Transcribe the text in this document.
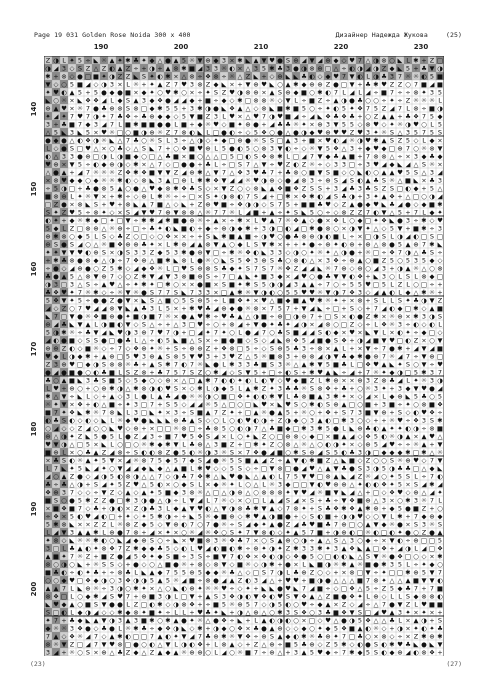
Page 19 031 Golden Rose Noida 300 x 400	Дизайнер Надежда Жукова	(25)
190	200	210	220	230
140
150
160
170
180
190
200
Z ◑ L ✦ 5 ÷ ◣ ☼ ▲ ✦ ✱ ♣ ✦ ◆ △ ● ▲ 5 ☼ ▼ ⊕ ◆ 3 × ✱ ◣ ▲ ▼ ♥ ● S ⊕ ◢ ▼ ◢ ⊕ ◆ ◇ ♥ 7 △ ◑ ⊗ ○ ◣ L ✱ + Z □
◑ ◢ 3 ◇ S Z △ Z ◐ ▲ Z ÷ + ◑ + ▲ ⊗ ✱ ■ ◢ 3 3 ☼ ◐ × △ 3 5 ✱ ♣ 3 ● ◑ ⊗ ⊕ □ △ ÷ ◐ ◑ ◢ ◑ Z ◆ ◣ 5 + ♣ ▼ ◑
✱ + ⊗ ◇ ● □ ■ ✦ ◑ Z Z ◣ S ✦ ◐ ✱ × △ ⊗ ÷ ❖ ⊗ ÷ ☼ △ Z ◣ + ◇ ⊕ ◣ ◣ ♣ ◐ ◇ ◆ ♥ 7 ▼ ◐ L ◑ ♣ 3 7 ☼ ☼ ◐ 5 ■
▼ ◇ ○ 5 ■ ◢ ◇ ◑ 3 × L ☼ + ✦ ▲ Z 7 ♥ 3 ⊗ Z ◆ ◣ × + ▼ ⊕ ♥ ◣ ○ ▲ ✱ ◆ ⊕ ⊕ Z ● □ ▼ + ♣ ✱ ♥ Z Z ○ 7 ■ ◢ ■
✦ ♥ ◐ ▲ 5 + 5 ● ◆ ● ■ × ◆ ✦ ○ ♥ ✱ ○ × ÷ ✦ S Z ♥ ◑ ⊗ ⊕ × ▲ S ⊕ ◆ ■ ○ ✱ ◐ 7 L ◢ L ◢ ÷ ■ 7 ÷ ÷ ⊗ ✦ 3 5
◣ ○ ☼ × ◣ ❖ ❖ ◢ L ◆ S ▲ 3 ◆ ❖ ● ◢ ◢ ◆ + ■ ÷ ◆ ◇ ✱ □ ⊗ ⊗ ☼ ◇ ▼ L ÷ ■ Z ÷ ▲ ◑ ● ♣ ○ ○ ÷ ✦ ÷ Z ☼ ☼ ☼ L
⊕ ▲ ♥ × ☼ 7 ● ♣ ⊕ ⊗ S ⊗ □ ◆ ✱ 5 5 + 3 ✱ ◑ ● ◣ ❖ ▲ △ ◇ ⊗ ◣ ■ ✱ ■ 5 ○ ÷ ✦ ◐ 5 ✦ ❖ 7 5 Z ◢ 7 L ⊗ ÷ ■ ◑
✦ ◢ ✦ 7 ♥ 7 ◑ ✦ 7 ♣ ❖ ÷ ♣ ⊕ ◆ ◆ ◇ 5 ▼ ■ Z 3 L ♥ × △ ♥ 7 ◑ ♥ ■ ◢ ÷ ◢ ◣ ❖ ♣ ❖ ♣ + ○ Z ▲ ▲ + ♣ ❖ 7 5 ◆
3 + ♣ ■ 7 ◆ 3 ◢ 7 L ■ ✱ ■ ■ ● ● L ■ + ◆ ☼ ♥ ◇ ■ ✦ ⊕ ● + ◢ ♣ ♣ ☼ ✦ × ⊕ 3 ▼ 5 5 ◇ ⊗ ♥ ◇ ✦ ☼ ◑ ♥ ○ L 5
△ 5 ◣ 3 ◣ 5 × ♥ ☼ □ ○ ■ ◑ ⊕ ☼ Z 7 ⊗ ◐ ◣ L □ ● ◐ ÷ ◇ 5 ❖ ○ ● △ ● ◑ ◆ ♥ ⊕ ♥ ♥ Z ♥ 3 ✦ ☼ S △ 3 5 7 5 S
● ◆ ● △ ◐ ❖ ◑ ☼ ◣ △ 7 ♣ ○ ☼ S L 3 ÷ △ ◑ ◇ ✦ ◆ □ ⊕ ● ☼ S S □ ▲ 3 + ■ × ♥ ◐ ◢ ☼ ◑ ♥ ✱ ▲ S Z 5 ◇ L ◆ ×
L ◇ ● S □ ♥ △ × ○ ♣ ◇ △ S ◣ 7 + ○ ❖ ■ ♥ ⊕ L 5 ● ◐ 5 ○ ⊗ 3 ▼ ◐ ÷ ◇ ☼ ▼ 5 ❖ △ 3 + ◆ ♥ ◆ □ ⊕ 7 ○ ☼ ⊗ ▼
◐ △ 3 3 ● ⊕ □ ◑ L ◑ ■ ◆ ○ □ △ ♣ ■ × ■ ○ △ △ □ 5 □ ◐ S ❖ ⊗ ✱ L □ ◢ 7 ▼ ◆ ♣ ▲ ■ + 7 ⊗ ⊗ △ ÷ × 3 ◆ ♣ ◆
♥ ⊕ × ▼ 5 ÷ ◐ ◆ ⊕ ◑ ◇ ✱ × △ 7 ◇ □ ● ● + ♣ L ÷ □ S 7 △ ▼ ÷ ♥ Z ◐ Z ☼ ÷ ◇ 3 3 □ ÷ 3 ♥ ◢ ◆ ◣ ◢ △ S ☼ ×
△ ● ▲ + ◢ 7 ☼ ☼ ☼ Z ❖ ✱ ❖ ■ ▼ ▼ Z ◢ ⊕ ✱ △ ▼ 7 △ ❖ 3 ♥ ♣ 7 + ♣ ⊗ ○ ■ ▼ S ■ ◇ ○ ◣ ◐ ○ ▲ ▲ ♥ 5 S △ 3 ◢
× ⊗ ♥ ◆ ◆ ○ ◆ ☼ ☼ ✱ ◐ ◇ ⊗ ◣ 3 ▲ □ ⊕ L ✱ ✱ ❖ ▼ ◢ ◢ ☼ ♥ ◑ ⊕ ◇ ● ◢ ⊗ 3 ÷ ⊕ S ◢ S ◐ ▲ ♣ S ☼ △ ■ ◣ × ♣ 3
÷ 5 ◑ □ + ♣ ● ⊗ 5 ▲ ○ ● △ ♥ ◆ ⊗ ✱ ❖ ♣ S ◇ × ▼ Z ○ ◇ ⊗ ◣ ▲ ❖ ■ ❖ Z S S + 3 ◢ ♣ 3 ♣ S Z S □ ◐ ◆ + 5 △
■ ⊗ ⊕ L ✦ ☼ ▼ × + ✱ ÷ ◇ ⊕ L ✱ ☼ ÷ ÷ □ × S ✦ ◑ ⊗ ◐ 7 S ◢ + □ ✱ × ❖ ✱ ◐ ◢ S ♣ ◑ + 3 ✦ ▲ ❖ + △ □ ○ ◑ ◢
□ Z ● × ⊗ ◣ S + ♥ + ⊗ ◣ ▲ 7 ■ △ ◇ ◣ + Z ⊕ ♥ ■ ÷ ❖ ◑ ◑ ◇ S 7 5 + ■ ■ ♣ ♥ ◇ Z ▲ ● ◆ ♥ ◣ ♣ ◢ ● ◇ ◆ ■ ✱
S ✦ Z ♥ 5 ÷ ⊗ ✦ ◇ × S ◢ ▼ ♥ 7 ⊕ ▼ ⊗ ⊗ △ ☼ 7 7 ☼ L ◢ ■ + ▲ ÷ ✦ S ◣ 5 ○ ÷ ◇ ⊗ Z Z 7 ◐ ▼ △ 5 + 7 L ◆ ✦
◐ ✦ + ◆ ☼ ✱ ◆ □ ✦ □ ▼ ÷ ✱ ✱ ◢ ✱ ■ ● ⊕ ☼ ÷ ▲ × ÷ ✱ × L ♥ ▲ 7 ☼ ❖ ▲ ◇ ● × ❖ L ○ ◆ □ ✦ ❖ ◣ ● 3 ÷ ✱ ◇ ♥
5 ◆ L Z □ ⊗ ⊕ △ ☼ ⊕ ÷ □ ÷ ♣ ✦ ◐ ◣ ■ ◐ + ◆ ÷ ⊕ ◑ ◆ ✱ + 3 ◑ □ ◐ ◢ □ ✱ ● ⊗ ○ × ◑ ▼ ✦ △ ◇ 5 ▼ + ■ ✱ ÷ 3
⊕ ✱ ⊗ ○ ◆ 5 L S ◇ ♣ Z ○ □ ◇ ○ ❖ × × ÷ + S ◣ ✱ ■ ▲ ■ ÷ ◑ ♥ ○ ● ♣ ⊗ ⊕ ◑ ◐ ■ L ÷ × □ ◑ S L ◑ ◢ ◐ □ S □
⊕ S ● S ◢ ○ △ ☼ ■ ❖ ⊕ ⊕ ♣ ✦ × L ✱ ⊕ ◢ ▲ ⊗ ▼ ▲ ○ ◆ L S ▼ ✱ × + + ✦ ● ÷ ⊕ ✦ ◐ ⊕ + ⊕ △ ⊗ ● 5 ▲ ⊕ 7 ✱ ◣
✦ ✦ ▼ ▼ ♥ ◐ ⊕ S × ◑ S 3 3 Z ◆ 5 3 ✱ ● ⊕ ▼ □ ÷ ✱ ☼ ❖ ◐ ◣ 3 3 ◇ ◑ ○ ✦ ☼ ✦ △ ◑ ● + ☼ □ ÷ ❖ 7 ◑ △ ♣ S ÷
+ ✱ ♣ ⊗ ● ⊗ ◆ △ ◑ ÷ 7 ❖ ⊕ △ ■ ✱ ◣ ⊗ L ● ☼ ○ ◣ S 5 ❖ 3 ⊕ S ♣ ○ ⊗ ◐ △ × 3 ❖ ÷ ⊕ ▲ ○ ■ Z 5 ○ 5 3 5 ◆ ◇
÷ ● ◇ ◢ ⊕ ● ○ Z 5 ✱ ◇ ◢ ◆ ❖ ☼ L □ ♥ S ⊕ ⊗ S ♣ ◆ ✦ S 7 S 7 ☼ ❖ Z ◢ ◢ ◣ ☼ 7 ⊕ ◇ ⊕ ○ ◢ 3 + ◑ ▲ ☼ △ ○ ⊗
♣ ● ▲ 5 △ ⊗ ▼ ⊕ 7 ◇ ○ Z ✱ ▼ ◢ ▼ 3 ⊗ ■ ⊕ S ÷ 7 □ ▲ ◣ ✦ ■ 3 ◆ × ◢ ♥ ○ ● ♣ ▼ ▼ ◐ ❖ + ◣ 3 ○ L S L ⊗ ◆ □
◑ 3 □ 3 △ S ÷ ▲ ♥ △ ÷ ✦ ✱ ✦ □ ✱ ○ × × ● ■ × S ■ ✦ ✱ S 5 ◑ ◑ ◢ 3 ▲ ▲ ÷ 7 ○ ÷ 5 5 ♥ □ 5 L Z L ○ □ ÷ +
♣ ❖ ♥ ✦ 7 ☼ ✱ ◇ ÷ ☼ ▼ ☼ ● S 7 7 S ◣ 7 3 3 × □ ▲ ✱ ☼ ▼ ◑ ◐ ○ 5 5 ♥ ♥ ☼ ▼ ◑ 7 ❖ 3 ◇ ◢ ▲ ◐ L ◆ △ ✱ ☼ +
5 ❖ ▼ ✦ 5 ÷ ● ● Z ● ▼ × ◣ S △ ■ ○ 5 S ⊕ 5 ÷ L ■ ❖ ✦ × ♥ △ ■ ◆ ■ ▲ ♥ ✱ ☼ ✦ + × ⊗ + S L L S ✦ ♣ ◑ ▼ Z
◢ ◇ Z ○ 7 ♥ ◢ ◢ ⊗ ▼ ◣ ▲ ♣ 3 L 5 × + ✱ ♥ ♣ ◢ ⊕ ◆ ● ☼ ⊗ × 7 5 7 + ▼ ◢ ◣ ÷ □ + S ◇ + 7 ◢ ◐ ◆ □ ✱ ◇ ▲ ■
◣ 7 □ ▼ ● ☼ ❖ ■ ⊕ ● ✦ ■ ◑ ■ 7 ☼ × ● ▲ ♥ ✱ ÷ ♥ ♣ ▲ △ ◑ ■ ÷ ⊕ □ ◑ ⊕ 7 + □ S × ◐ ● Z ✱ × ☼ ⊕ × ✱ 3 ◑ S
⊕ ◢ ♣ ◣ ▼ ▲ L ◑ ■ ◐ ▼ ◇ S △ ÷ + △ 3 □ ♥ ÷ ○ + ⊗ ◢ + ▼ ● ✦ ♣ ✦ ◢ ◑ × ◢ ⊗ ○ □ Z ◇ ÷ L ❖ ☼ 3 ÷ ◐ ◇ ◐ L
5 ◑ ✱ ☼ ÷ ♣ ▼ ◢ ◣ ♥ ◑ 3 ⊕ 7 ♥ 7 ◑ + □ ◢ ✦ 7 ✦ ○ L ● ◢ 7 ○ ♣ S ■ ◢ ◢ S ◐ ◆ × ♥ × ◣ ▼ L × ◐ ✦ ÷ ◆ □ ◇
◢ ◐ ● ■ ◇ S S ● □ ● ♣ L △ ÷ ◐ 5 ◣ ■ △ S × ÷ ■ ● ■ ◇ S ◇ ◢ ◣ ⊕ ❖ 5 ◢ ■ ● S ❖ + ◑ ◢ ■ ▼ ♥ □ ◐ Z × ○ ▼
⊕ ⊕ Z ◐ ◇ ■ ☼ ◇ ÷ 7 ◇ ❖ ⊕ ✦ ☼ + S ÷ ⊕ ⊕ Z + ❖ ⊗ □ 5 ÷ ◇ S ⊕ 5 ♣ 3 ÷ ⊗ × ▲ L + × ▼ ÷ 7 ● ✱ + ◢ ▼ ◢ ■
♥ ◆ L ◑ ◆ ✱ + ▲ ⊕ □ 5 ♥ 3 ⊕ ▲ S ⊗ 5 ▼ ♥ 3 + 3 ♥ Z △ 5 ☼ ■ ⊗ 3 + ⊕ ⊗ ◢ ◑ ▼ ♣ ◆ ✱ ● ⊕ 7 ☼ ◢ 7 ÷ ▼ ⊕ □
Z 3 ⊕ ♥ □ ◆ ◑ S ⊗ ⊗ ☼ ♣ + ▲ S ✱ 7 ◐ 7 ☼ ◣ ● L ✱ 3 3 ♣ ■ S 3 ☼ △ ▲ ✱ ▼ 5 ■ ♣ L □ ❖ ♥ ▲ ◣ ✦ S ○ ▼ ÷ ♥
● ◢ ● ■ ● ○ ◐ ♣ ■ L S Z ⊗ + ♣ 7 5 7 S Z ○ ✱ ◢ ◇ S ▼ 5 + □ ÷ ◐ S + ✱ ♥ ▲ ◣ ÷ ◢ + 7 ☼ ✦ ◆ ◑ □ 5 ✱ 3 7
♣ ○ ▲ ■ ◣ 3 ♣ S ■ 5 ◇ 5 ◆ ○ ◇ ⊕ × △ □ ▲ ✱ 7 ◐ ◐ ✦ ◐ L ◐ ▼ ◇ ♥ ◆ ■ Z L ✱ ⊕ × × ⊕ 3 Z ⊗ ♣ ◢ L ✦ ☼ 3 ◑
L ♥ + ⊕ ○ + ○ ⊕ ✱ ◑ △ ✱ ⊗ ◑ ◐ ♥ S × ◇ ✱ L ◑ ◆ 5 L ▲ ✱ Z ✦ 3 ♣ ♣ ☼ S ⊗ ❖ + ♣ + ○ ☼ 3 ✦ + 3 ◆ ▼ ♥ ● ◢
✱ △ ▼ ÷ ◣ L ◇ + ▲ ◇ 3 L ● L ▲ ♣ ◢ ● ☼ ☼ ◑ ○ ■ □ ❖ ✦ ◐ ◐ ✱ ▼ L ♣ ⊗ ■ ▲ 3 ✱ ✦ × ◇ ◢ × L ◆ ⊕ ◣ 5 ♣ ○ 5
☼ ✦ ▼ × ❖ + ◐ △ ■ ÷ ✦ 3 □ 7 + S 5 ◇ ◢ ◢ ☼ 5 △ □ ○ □ ◣ ♥ × ◣ ♥ S ○ ✱ ◐ S ⊕ ▲ □ ○ ■ + 3 ■ ÷ ✦ ○ ⊗ ■ ❖
■ 7 ✦ ❖ ◣ ✱ ☼ 7 ⊗ ◣ L 3 □ ◣ ✦ × 3 ÷ S ■ ▲ 7 Z ✦ + □ ▲ ☼ ● ▲ 5 + ☼ ○ + ❖ + S 7 3 ■ ▼ ⊕ + S ◇ ◐ ♥ ❖ ÷
◐ ♣ S ◐ ◇ ◐ ◇ ◣ L ☼ ◆ ♥ ● ◣ ◣ ◣ ⊕ ♣ ▲ S ◇ ○ L ○ ◐ ♥ ◐ ◑ + Z ◑ ◆ ○ 3 ▲ ◐ □ ✱ 3 ○ ◇ + + ☼ ♥ ÷ ❖ 3 S ✱
○ ◢ ◇ ◇ Z ◢ ○ ○ ◣ ♥ ◇ ⊕ + × □ □ ☼ ⊗ □ ÷ ♣ ⊗ 5 ○ ◐ ◑ 7 △ ♣ ■ ◆ □ ✱ 3 ✱ 5 ● L ◣ ⊕ ♣ ◐ ▲ ✦ ✦ ◐ ◑ ÷ ⊗ ■
⊕ △ ◑ ✦ Z ◣ 5 ● 5 L ● Z ◢ 3 ÷ ■ 7 ♥ 5 ❖ S ◢ × L ○ ✦ ◣ Z ○ □ ⊕ ⊗ ◇ ◆ □ × ■ ▲ ◢ ◇ ❖ 5 ◐ ☼ ◑ ▲ × ▲ ♥ △
♥ ▼ ◑ △ □ 5 × ◣ L ○ □ ○ ☼ ✱ ◆ ✱ ▼ L ♣ ⊕ △ 3 ■ Z + □ ✱ ✦ Z ○ ⊗ △ ☼ △ ○ ◐ ◑ ✦ × ◇ ⊕ 5 ◢ ♥ ÷ ÷ ☼ ▲ + ▼
■ ⊕ L × ○ ♣ ▲ Z ◢ ⊗ ÷ S ◐ ◐ ⊗ Z ● 5 ◐ ☼ ◑ 3 ☼ S × 7 ❖ ● ◢ ■ ○ ✱ S ⊕ ◢ S 5 ◐ ♣ 3 ◑ □ ◆ ◆ ◆ ✱ □ ✱ △ ☼
× ♣ S ◐ ☼ ▲ ✦ 5 ▼ × ◢ ☼ ⊗ 7 5 ◆ 5 7 ◆ S ◢ ● ☼ 5 S ■ ▲ ◢ Z ÷ ▲ ▼ ◐ ✱ ■ Z △ ◣ ■ ◇ Z ○ ○ S ☼ ⊕ ♥ ◇ 7 ▼
L 7 ◣ ✦ 5 ◣ ◢ ✦ ○ ▼ ◢ ◢ ◆ ◣ ◆ △ ▲ ■ L ✱ ♥ ◇ ◇ 5 S ◇ ÷ □ ▼ ⊗ □ ● ◢ ♥ △ ▲ ▼ ♣ ● S 3 ◑ 5 ◑ ♣ ♣ □ △ ◆ ◣
◢ ○ ▲ Z ● ◇ ◢ ◑ 5 ◐ ⊗ ◑ △ △ 7 ◇ ◑ ♣ 7 ❖ ✱ △ ◣ ♥ ● ◣ △ ▲ ◐ L 7 5 ▼ ♥ □ ⊗ ▲ ◣ ◢ Z ☼ ◢ ○ ✦ 5 S L ÷ 7 ◐
♣ ÷ ♣ △ ◑ + S ◢ ✦ 5 Z ♥ △ 5 ◐ × ○ ◆ S L × ◆ ☼ ✦ L ○ △ L ☼ 3 ◆ □ □ ▼ ◐ ♥ ⊕ ⊕ △ ✦ ◐ ◐ ❖ ✦ 5 × S ◢ ✱ ◢
❖ ⊕ 3 7 ◇ ◇ ÷ ▼ Z ◇ ▲ ◇ ▲ ✦ 5 ■ ◆ 3 ⊗ ☼ △ □ △ ◑ ⊕ △ ○ ⊗ ⊗ ⊗ ✦ ▼ ♥ ◢ ☼ ■ ▼ ◣ ◢ △ + □ ◇ ❖ ♥ ◇ ⊕ △ ◢ ✦
■ S ○ ● 5 ✱ Z Z ● □ ✱ 3 ◑ ● △ ◑ ÷ L ▼ ◢ L 7 ☼ ◇ × ○ □ L ▲ ◢ S ◢ × S + ♣ ÷ ▼ ❖ ■ ⊕ △ 3 × ○ ✱ 3 ☼ 7 L
× ■ ❖ ■ 7 ◇ ♣ + ◑ ◐ × Z ◑ ♣ 3 L ◆ ▲ ▼ ♥ ◐ △ ▼ ◑ ⊗ ♣ ✱ ▼ ▲ ◇ 7 ⊗ ✦ + S ♣ ❖ ✱ ❖ ▲ ✱ ⊕ + ◆ 5 ● ■ Z + ○
÷ ❖ × 5 ◐ ♥ ◢ ◐ □ + ✦ ◇ ✦ 5 ✱ ◑ ÷ + ◣ 5 ☼ ◆ ■ ⊕ ◇ ✱ ♥ ▲ ◑ ■ ● + ◇ S ◐ ■ + ◑ ◑ ♥ ◇ ○ ▼ L ✱ + 7 ◆ ⊕ ◆
5 ✱ ⊗ ◣ × × Z Z L ☼ ⊗ Z ◆ 5 ◇ ▼ ⊕ ◐ 7 ○ 7 ● ☼ ÷ S ◢ ◆ ✦ ▲ ● Z ◢ ♣ ♥ ■ ♣ 7 ⊕ □ ○ ▲ ▼ ◆ ☼ ● × S 3 ☼ S
L ◢ ▼ 3 ▲ ▲ ✱ L ⊕ ● 7 ⊗ + ◢ × ✦ × ○ ☼ ◢ ☼ ❖ ○ S ✦ 7 ▼ ⊗ ◐ ◇ ✦ ▲ 5 7 ■ + ◑ ⊕ ◐ □ ☼ ◐ □ ◐ ✦ ● ○ Z ● ▲
✦ ⊗ ◇ ◣ ☼ ☼ ✱ ◐ ○ ◣ ◢ ◆ ⊕ S ○ ÷ ◣ × ♥ ■ ⊗ 3 ☼ ❖ ♣ 7 × ○ S ▲ ⊕ ○ ◑ ÷ ▲ △ S △ 3 ○ ◆ ÷ × ▼ ◐ ÷ ⊕ □ □ 5
3 □ L ♣ ▲ ◐ ✦ ⊗ ❖ 7 Z ✱ ◆ ◆ ♣ 5 ◇ ◐ L ♥ ◢ ◐ ■ ◐ ✱ ÷ ⊕ ✦ ◑ ✦ Z ✱ 3 3 ✱ ✦ 3 ▲ ❖ ◣ ▲ □ ❖ + ◢ ◑ L ◢ □ ❖
▲ ■ ✦ 7 ☼ Z + ■ Z ● ◢ 5 ❖ ✦ ◆ S ■ ÷ 3 S ÷ ■ ▼ 7 ◐ ❖ × ❖ ◐ ◑ ◇ ❖ ● 5 ○ □ ◐ ◐ ◣ △ S ▼ ☼ ● ❖ □ ○ ◇ × ✱
⊗ ○ ◑ ○ ◣ + ☼ S S ◇ + ● ◇ ○ △ ■ ● ☼ + ⊗ ◇ ⊗ ▼ ◇ ■ ☼ ◇ ◑ ✱ + ● × L ◣ ■ ◑ ☼ ✱ ▲ ☼ ■ ● ✱ 3 5 L ÷ ✦ ◆ ○
■ ♣ ◐ ÷ ◐ ✦ ♣ + ÷ ⊗ ♣ L ◣ ▲ ◆ 7 5 5 ⊕ 5 ◆ ◆ ☼ ♣ △ ◇ □ S 7 ◑ L ♣ ⊕ Z ○ ◇ + × ⊗ □ ▼ ÷ ✦ □ □ ✱ ⊕ 5 ▼ 7
○ ○ ◆ ♥ □ ❖ ◆ ◑ ○ 3 ❖ ◑ ◑ 5 ▲ 5 ☼ ◢ ■ ÷ ⊗ ● ◢ ▲ Z ◐ 3 ◢ △ + ♥ ♥ + ■ ◑ ● △ △ △ ■ 7 ⊗ ✦ △ △ ▲ ■ ▼ ▼ ◐
▲ ▲ 7 L ◣ ⊕ ☼ ÷ 3 ◑ ○ ✱ ✦ × △ ○ ◣ ◐ ⊕ ✦ ☼ ☼ ♥ ÷ ◇ ✦ + ◣ ◣ ● ♥ ◣ 7 ◢ ■ ÷ ◇ □ ❖ △ 5 ÷ Z 5 ◆ ♣ 7 + 7 ■
⊗ ❖ □ L ○ ◆ ✱ ◢ S ♥ 7 + ⊕ ■ 3 ◑ L □ ▼ + ▲ S 3 ❖ ◑ ◐ ▼ ❖ ◐ ♥ S ▼ ❖ ▲ △ Z ■ ● ❖ ✦ L ⊕ ◇ L L S ◆ ⊗ ⊗ ◐
◣ ♥ ◆ ▲ ○ ■ S ▼ ● ● L Z □ ◐ ✱ ◇ ◑ ⊗ ❖ + ÷ ■ 5 ☼ ⊕ 5 7 ◇ ◑ 5 ◐ ○ ♥ ÷ ◆ ▲ × Z ◇ ◢ ÷ △ 7 ● ▼ Z L ♥ ■ ■
S □ ◐ L ◆ ◑ ◢ ◇ ◇ ✱ ◆ ⊗ ✦ ■ ✦ ÷ L L + ♥ ♣ ✦ ◣ + ◑ △ ⊕ △ ○ ✱ 3 S ❖ ○ 3 ♣ ■ ❖ ▼ S □ ◢ ♥ ▲ 3 ✦ × ✦ × +
✦ 7 + ♣ ◆ ◣ ▲ ▼ ◑ 3 ▲ 3 ■ ✱ ○ ✱ ▲ ● ✦ ☼ △ ● ❖ ÷ ◣ + L ▲ ◐ ◑ ◐ ○ × □ ◇ ♥ △ ● ◑ 5 ❖ △ △ ♣ L × ▲ ◑ + S
◆ ☼ ☼ 3 ❖ ● ◇ ♣ ● L ☼ ✱ ♣ ÷ ◆ ❖ ◑ ◣ ◇ ✱ + ◑ ◆ ○ ❖ × ♣ ● ▲ ⊕ ◇ ◇ ◆ ○ ✦ ◆ 5 ❖ ■ ▲ ◐ ☼ ◇ + ◑ × ✦ ◐ ✦ ♣
7 ▲ ◇ ❖ ☼ ◢ 7 ◇ ▲ ✱ ◐ □ □ 7 ▲ ◐ ✦ ▼ ◢ 7 ♣ ⊕ ✱ ☼ ▼ ❖ ÷ ⊕ S ▲ ◆ ◐ ✱ ☼ ♣ ⊕ ✦ 7 □ ♣ ○ × ⊗ ◇ ÷ × Z ✱ ⊕ ✱
⊗ ☼ ▼ Z □ ◢ 7 ▼ ♥ ⊗ □ ● ○ ◐ △ ▼ L ◑ ◐ ❖ + L ⊗ ▲ ◇ + Z △ ⊕ ÷ ■ 5 ♣ ⊕ ◇ Z 5 ✱ ◇ ◐ ● S ◐ ✱ ♥ ♣ ◣ ● ◣ ▼
3 ◢ + ☼ ○ S × ⊕ △ ♣ Z ◆ △ Z ▲ ◆ ▲ ☼ ⊕ ⊕ ○ L ◢ ○ ☼ ■ 7 ÷ ⊕ △ + 3 ▲ 5 ♥ ◆ ÷ 7 ✱ ◆ 5 S ◐ ◆ ⊕ ◢ ◐ ⊗ ❖ +
(23)	(27)
